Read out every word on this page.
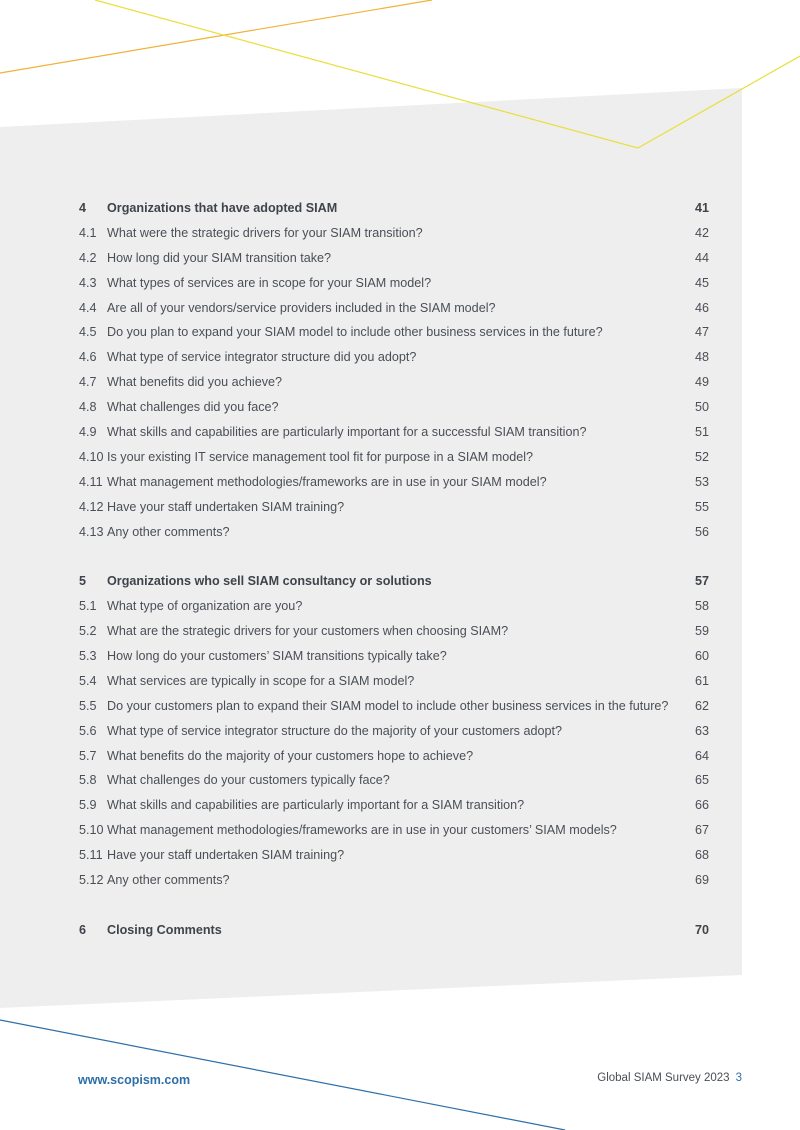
4 Organizations that have adopted SIAM	41
4.1 What were the strategic drivers for your SIAM transition?	42
4.2 How long did your SIAM transition take?	44
4.3 What types of services are in scope for your SIAM model?	45
4.4 Are all of your vendors/service providers included in the SIAM model?	46
4.5 Do you plan to expand your SIAM model to include other business services in the future?	47
4.6 What type of service integrator structure did you adopt?	48
4.7 What benefits did you achieve?	49
4.8 What challenges did you face?	50
4.9 What skills and capabilities are particularly important for a successful SIAM transition?	51
4.10 Is your existing IT service management tool fit for purpose in a SIAM model?	52
4.11 What management methodologies/frameworks are in use in your SIAM model?	53
4.12 Have your staff undertaken SIAM training?	55
4.13 Any other comments?	56
5 Organizations who sell SIAM consultancy or solutions	57
5.1 What type of organization are you?	58
5.2 What are the strategic drivers for your customers when choosing SIAM?	59
5.3 How long do your customers’ SIAM transitions typically take?	60
5.4 What services are typically in scope for a SIAM model?	61
5.5 Do your customers plan to expand their SIAM model to include other business services in the future? 62
5.6 What type of service integrator structure do the majority of your customers adopt?	63
5.7 What benefits do the majority of your customers hope to achieve?	64
5.8 What challenges do your customers typically face?	65
5.9 What skills and capabilities are particularly important for a SIAM transition?	66
5.10 What management methodologies/frameworks are in use in your customers’ SIAM models?	67
5.11 Have your staff undertaken SIAM training?	68
5.12 Any other comments?	69
6 Closing Comments	70
www.scopism.com	Global SIAM Survey 2023 3
